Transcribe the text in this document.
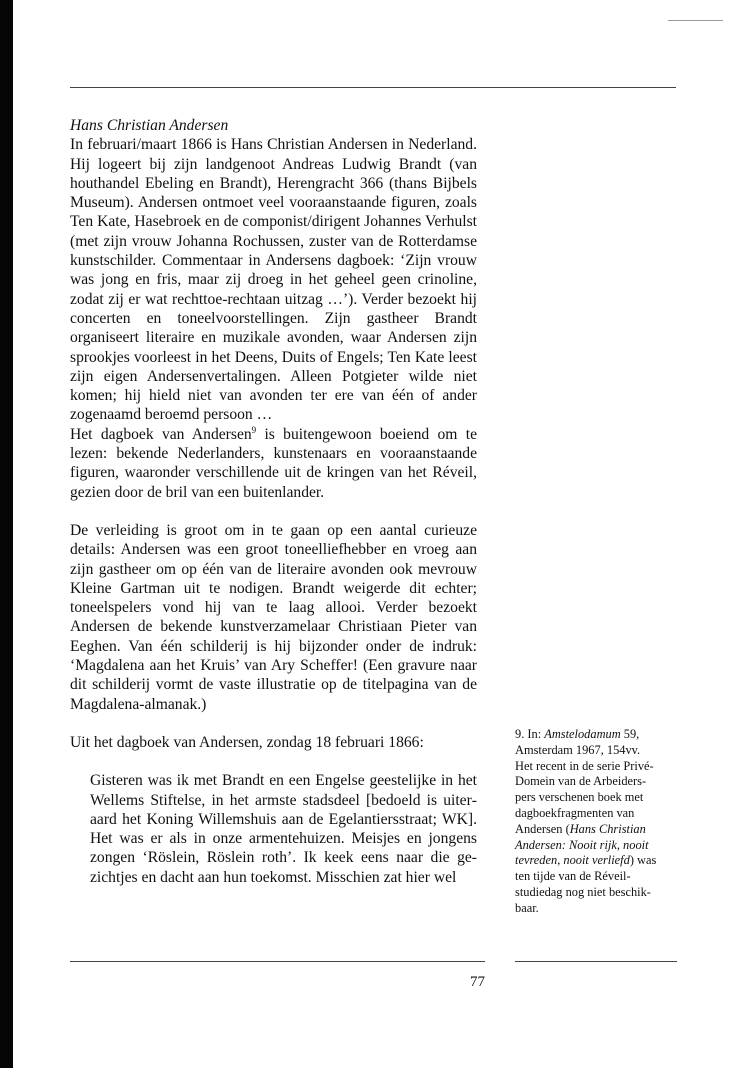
Hans Christian Andersen

In februari/maart 1866 is Hans Christian Andersen in Nederland. Hij logeert bij zijn landgenoot Andreas Ludwig Brandt (van houthandel Ebeling en Brandt), Herengracht 366 (thans Bijbels Museum). Andersen ontmoet veel vooraanstaande figuren, zoals Ten Kate, Hasebroek en de componist/dirigent Johannes Verhulst (met zijn vrouw Johanna Rochussen, zuster van de Rotterdamse kunstschilder. Commentaar in Andersens dagboek: ‘Zijn vrouw was jong en fris, maar zij droeg in het geheel geen crinoline, zodat zij er wat rechttoe-rechtaan uitzag …’). Verder bezoekt hij concerten en toneelvoorstellingen. Zijn gastheer Brandt organiseert literaire en muzikale avonden, waar Andersen zijn sprookjes voorleest in het Deens, Duits of Engels; Ten Kate leest zijn eigen Andersenvertalingen. Alleen Potgieter wilde niet komen; hij hield niet van avonden ter ere van één of ander zogenaamd beroemd persoon …

Het dagboek van Andersen$^9$ is buitengewoon boeiend om te lezen: bekende Nederlanders, kunstenaars en vooraanstaande figuren, waaronder verschillende uit de kringen van het Réveil, gezien door de bril van een buitenlander.

De verleiding is groot om in te gaan op een aantal curieuze details: Andersen was een groot toneelliefhebber en vroeg aan zijn gastheer om op één van de literaire avonden ook mevrouw Kleine Gartman uit te nodigen. Brandt weigerde dit echter; toneelspelers vond hij van te laag allooi. Verder bezoekt Andersen de bekende kunstverzamelaar Christiaan Pieter van Eeghen. Van één schilderij is hij bijzonder onder de indruk: ‘Magdalena aan het Kruis’ van Ary Scheffer! (Een gravure naar dit schilderij vormt de vaste illustratie op de titelpagina van de Magdalena-almanak.)

Uit het dagboek van Andersen, zondag 18 februari 1866:

Gisteren was ik met Brandt en een Engelse geestelijke in het Wellems Stiftelse, in het armste stadsdeel [bedoeld is uiteraard het Koning Willemshuis aan de Egelantiersstraat; WK]. Het was er als in onze armentehuizen. Meisjes en jongens zongen ‘Röslein, Röslein roth’. Ik keek eens naar die gezichtjes en dacht aan hun toekomst. Misschien zat hier wel

9. In: Amstelodamum 59,
Amsterdam 1967, 154vv.
Het recent in de serie Privé-
Domein van de Arbeiders-
pers verschenen boek met
dagboekfragmenten van
Andersen (Hans Christian
Andersen: Nooit rijk, nooit
tevreden, nooit verliefd) was
ten tijde van de Réveil-
studiedag nog niet beschik-
baar.
77
